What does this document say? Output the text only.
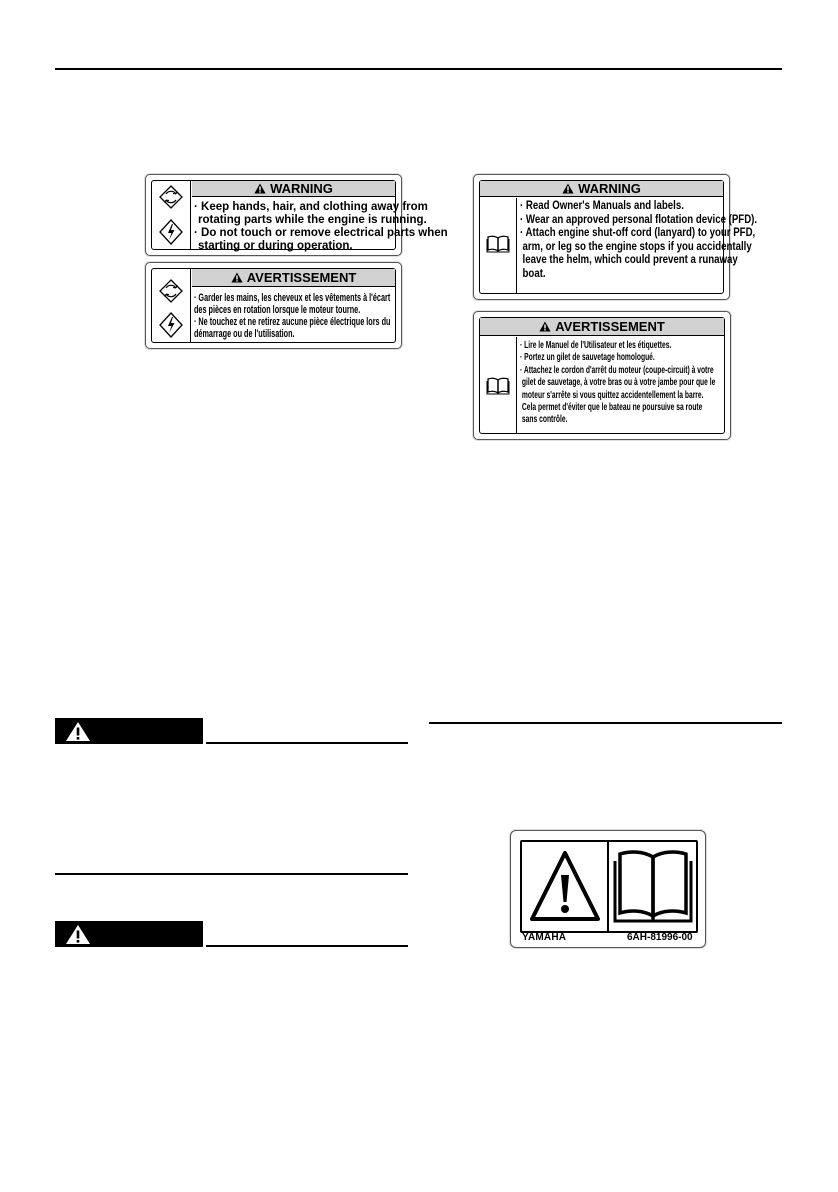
WARNING
· Keep hands, hair, and clothing away from
rotating parts while the engine is running.
· Do not touch or remove electrical parts when
starting or during operation.
AVERTISSEMENT
· Garder les mains, les cheveux et les vêtements à l'écart des pièces en rotation lorsque le moteur tourne. · Ne touchez et ne retirez aucune pièce électrique lors du démarrage ou de l'utilisation.
WARNING
· Read Owner's Manuals and labels. · Wear an approved personal flotation device (PFD). · Attach engine shut-off cord (lanyard) to your PFD, arm, or leg so the engine stops if you accidentally leave the helm, which could prevent a runaway boat.
AVERTISSEMENT
· Lire le Manuel de l'Utilisateur et les étiquettes. · Portez un gilet de sauvetage homologué. · Attachez le cordon d'arrêt du moteur (coupe-circuit) à votre gilet de sauvetage, à votre bras ou à votre jambe pour que le moteur s'arrête si vous quittez accidentellement la barre. Cela permet d'éviter que le bateau ne poursuive sa route sans contrôle.
YAMAHA	6AH-81996-00
